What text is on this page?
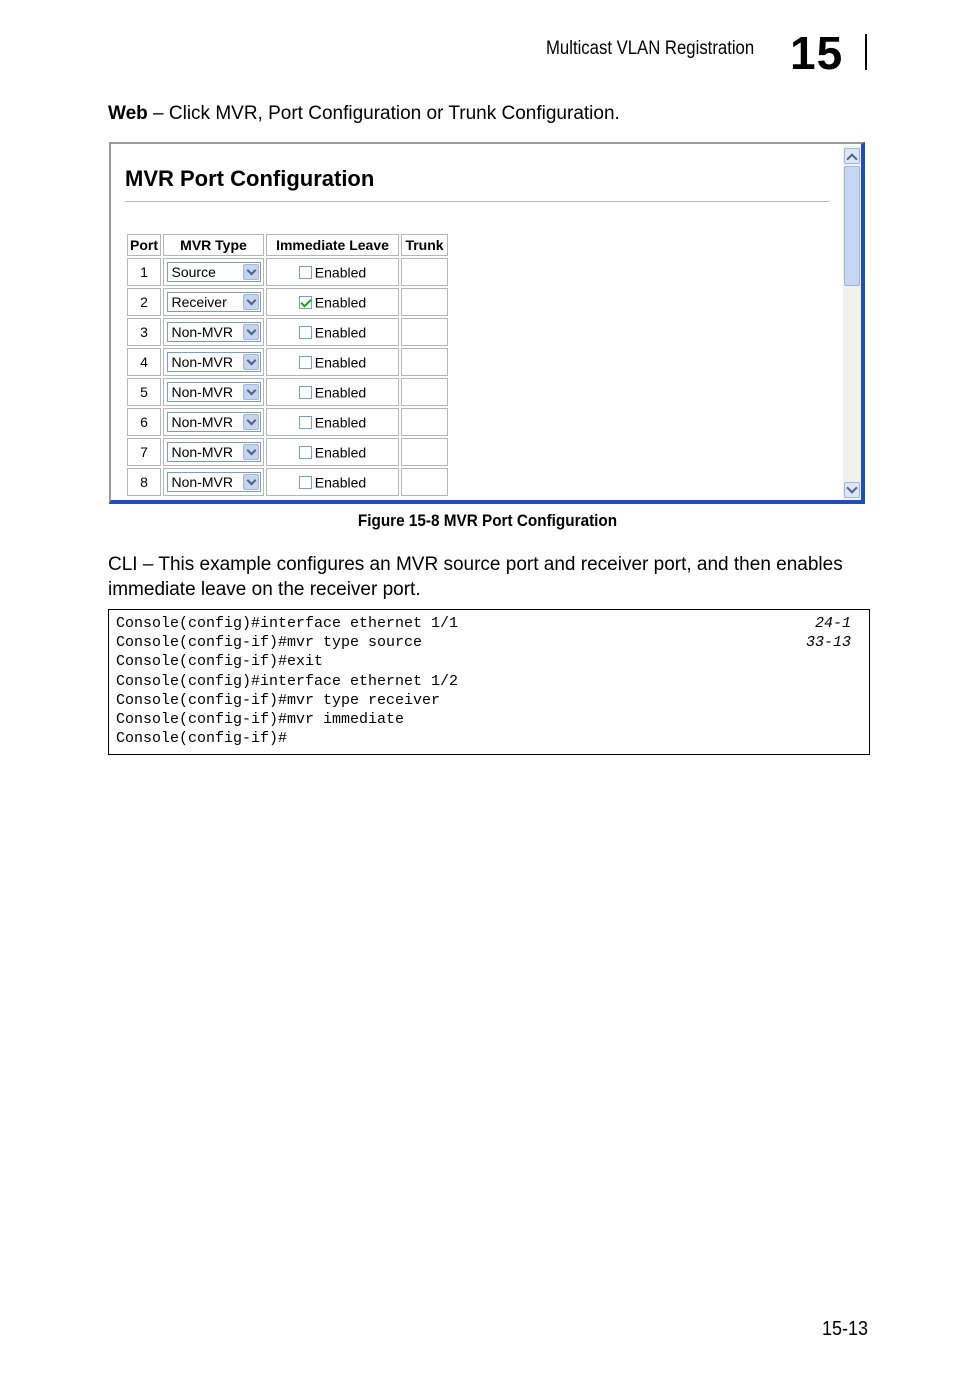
Multicast VLAN Registration 15
Web – Click MVR, Port Configuration or Trunk Configuration.
MVR Port Configuration
Port	MVR Type	Immediate Leave	Trunk
1	Source	Enabled	
2	Receiver	Enabled	
3	Non-MVR	Enabled	
4	Non-MVR	Enabled	
5	Non-MVR	Enabled	
6	Non-MVR	Enabled	
7	Non-MVR	Enabled	
8	Non-MVR	Enabled	
Figure 15-8 MVR Port Configuration
CLI – This example configures an MVR source port and receiver port, and then enables immediate leave on the receiver port.
Console(config)#interface ethernet 1/1
Console(config-if)#mvr type source
Console(config-if)#exit
Console(config)#interface ethernet 1/2
Console(config-if)#mvr type receiver
Console(config-if)#mvr immediate
Console(config-if)#
24-1
33-13
15-13
